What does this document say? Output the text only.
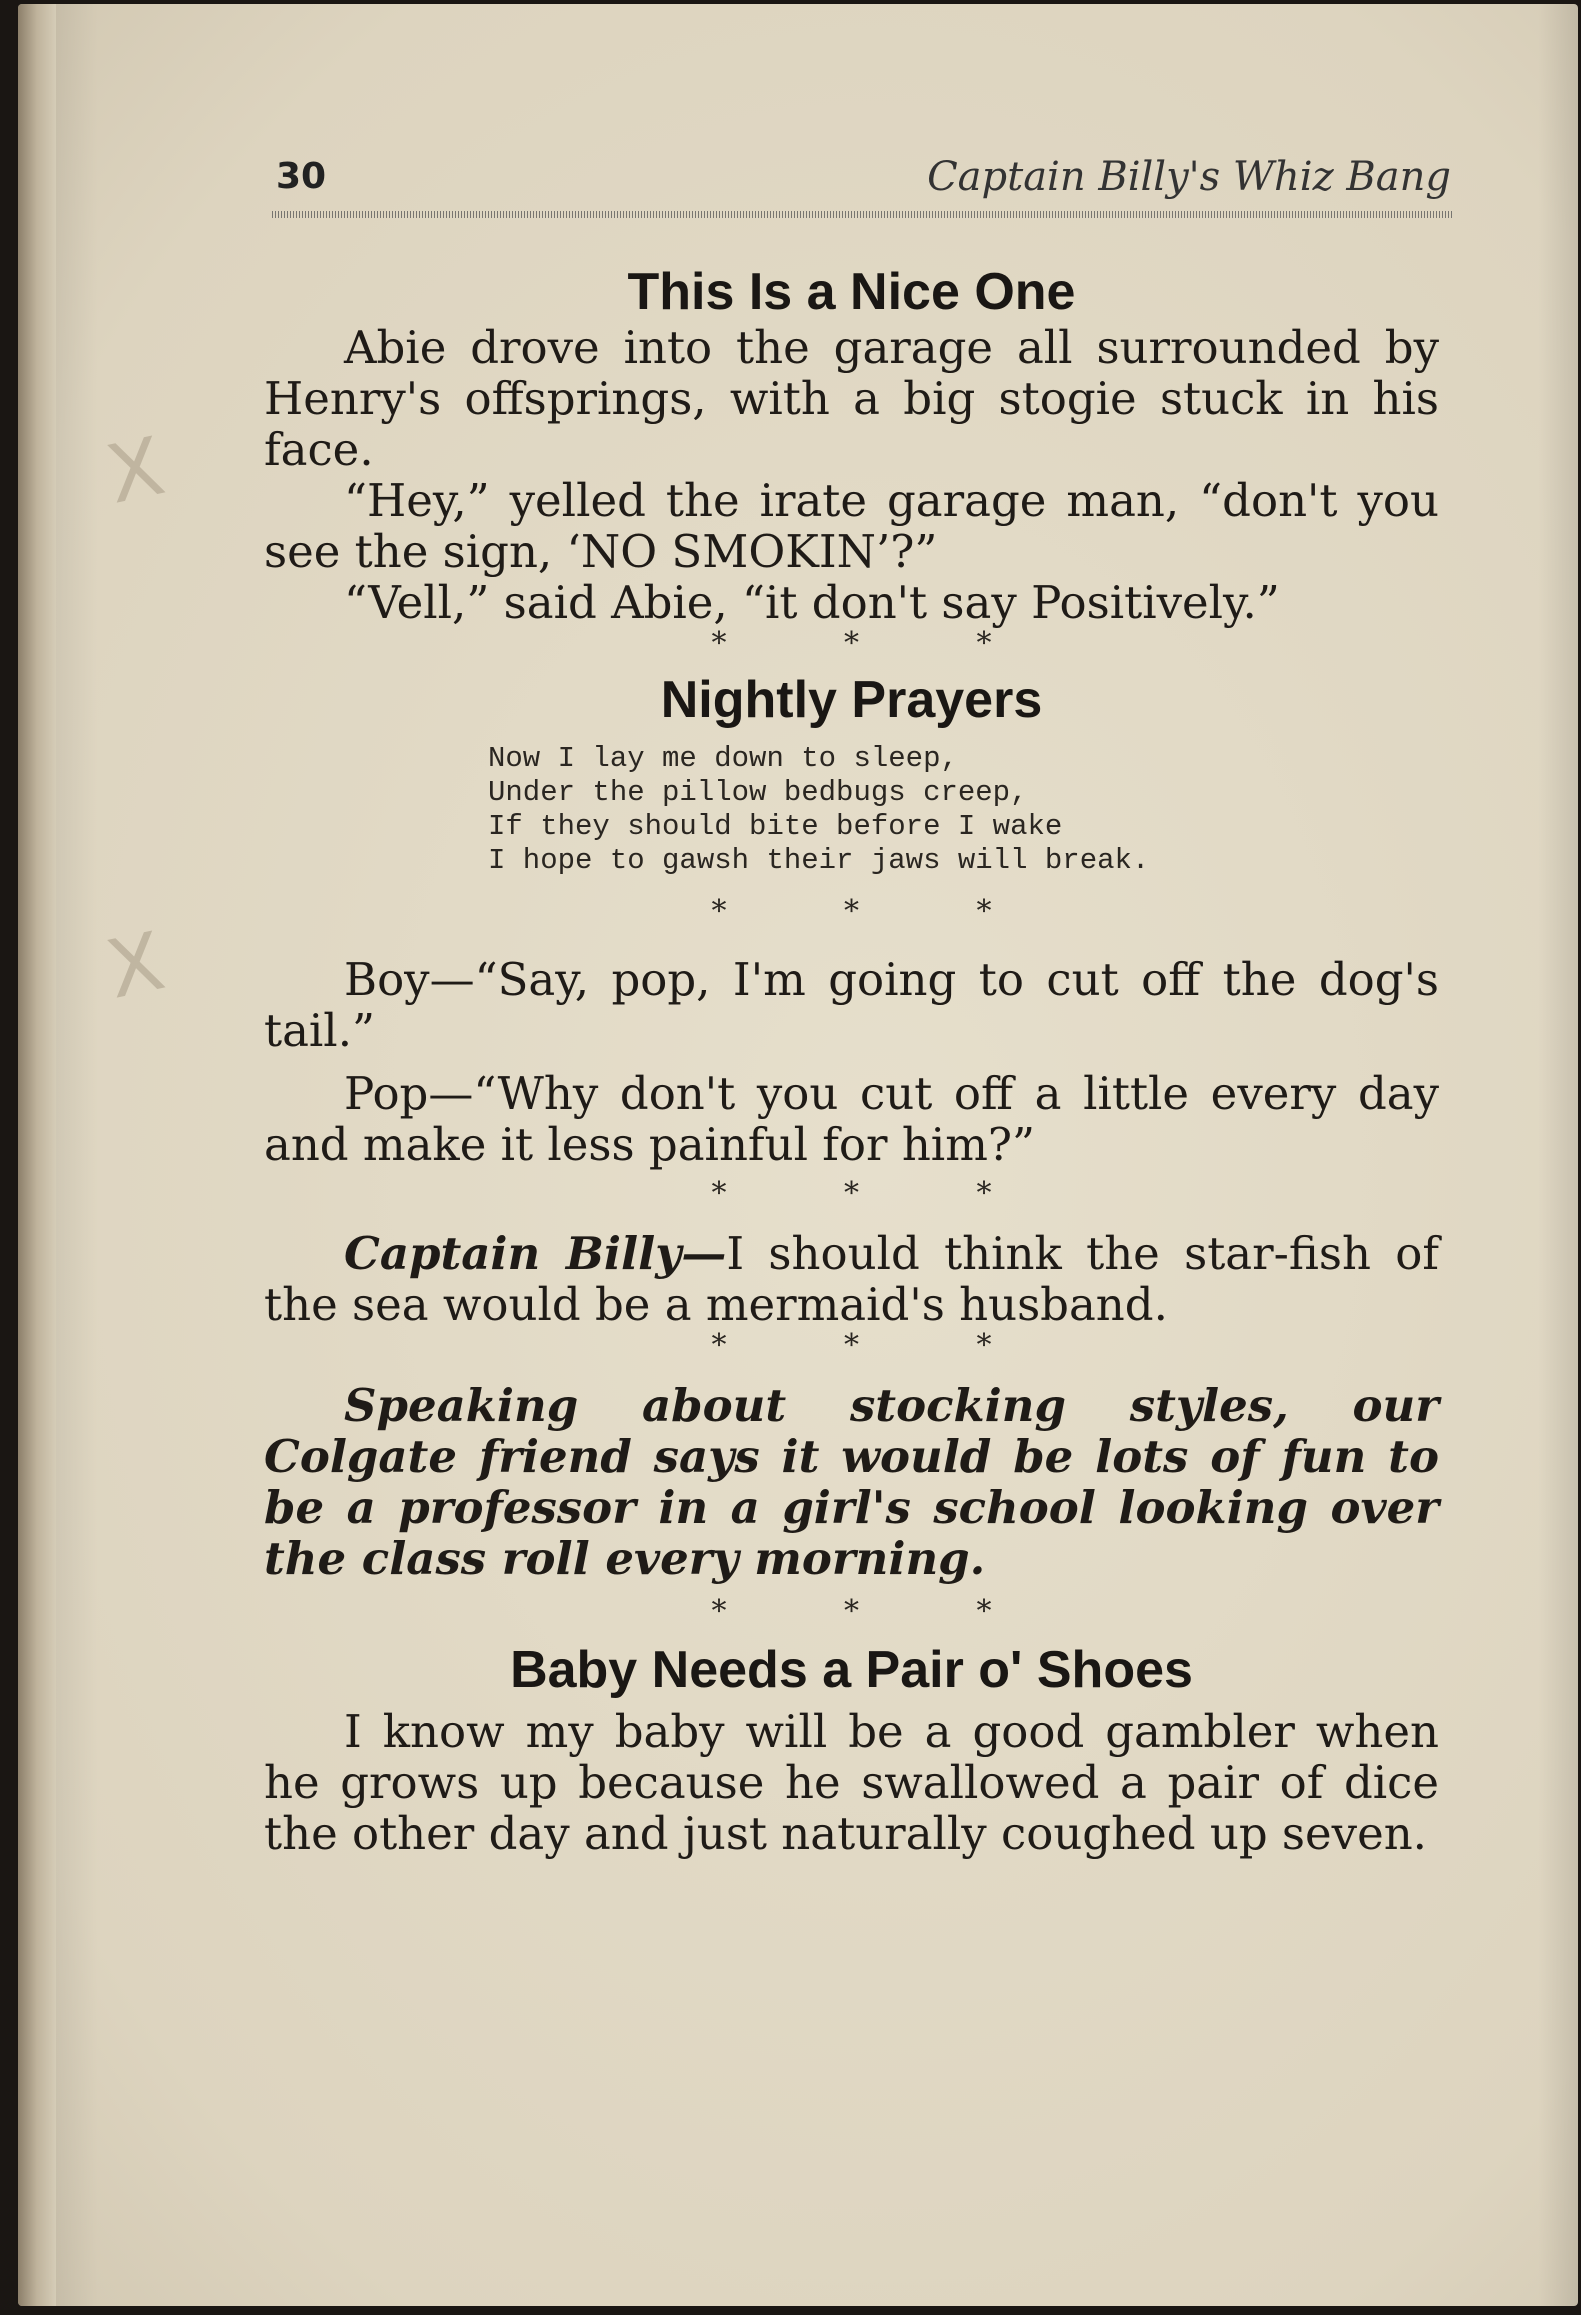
30	Captain Billy's Whiz Bang
X
X
This Is a Nice One

Abie drove into the garage all surrounded by Henry's offsprings, with a big stogie stuck in his face.

“Hey,” yelled the irate garage man, “don't you see the sign, ‘NO SMOKIN’?”

“Vell,” said Abie, “it don't say Positively.”

* * *
Nightly Prayers
Now I lay me down to sleep,
Under the pillow bedbugs creep,
If they should bite before I wake
I hope to gawsh their jaws will break.
* * *

Boy—“Say, pop, I'm going to cut off the dog's tail.”

Pop—“Why don't you cut off a little every day and make it less painful for him?”

* * *

Captain Billy—I should think the star-fish of the sea would be a mermaid's husband.

* * *

Speaking about stocking styles, our Colgate friend says it would be lots of fun to be a professor in a girl's school looking over the class roll every morning.

* * *
Baby Needs a Pair o' Shoes

I know my baby will be a good gambler when he grows up because he swallowed a pair of dice the other day and just naturally coughed up seven.
